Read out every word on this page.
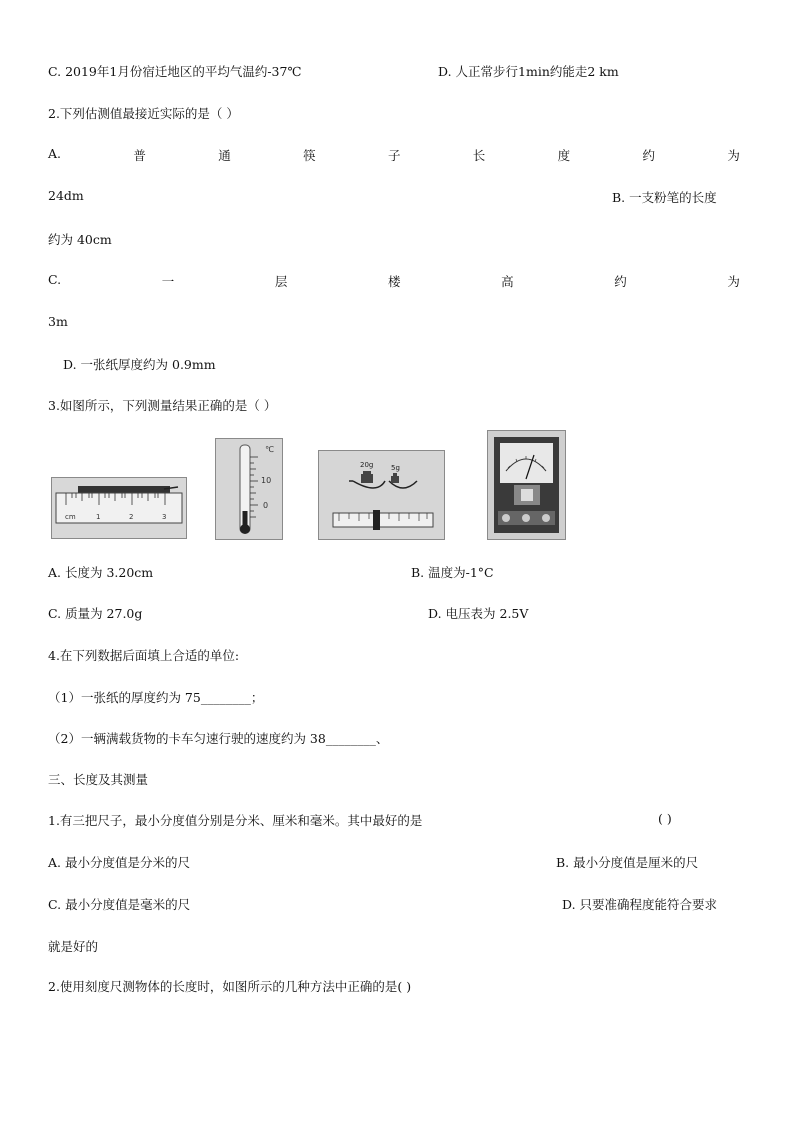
C. 2019年1月份宿迁地区的平均气温约-37℃	D. 人正常步行1min约能走2 km
2.下列估测值最接近实际的是（ ）
A.	普	通	筷	子	长	度	约	为
24dm	B. 一支粉笔的长度
约为 40cm
C.	一	层	楼	高	约	为
3m
D. 一张纸厚度约为 0.9mm
3.如图所示，下列测量结果正确的是（ ）
cm	1	2	3
℃
10
0
20g	5g
A. 长度为 3.20cm	B. 温度为-1°C
C. 质量为 27.0g	D. 电压表为 2.5V
4.在下列数据后面填上合适的单位:
（1）一张纸的厚度约为 75________；
（2）一辆满载货物的卡车匀速行驶的速度约为 38________、
三、长度及其测量
1.有三把尺子，最小分度值分别是分米、厘米和毫米。其中最好的是	( )
A. 最小分度值是分米的尺	B. 最小分度值是厘米的尺
C. 最小分度值是毫米的尺	D. 只要准确程度能符合要求
就是好的
2.使用刻度尺测物体的长度时，如图所示的几种方法中正确的是( )
